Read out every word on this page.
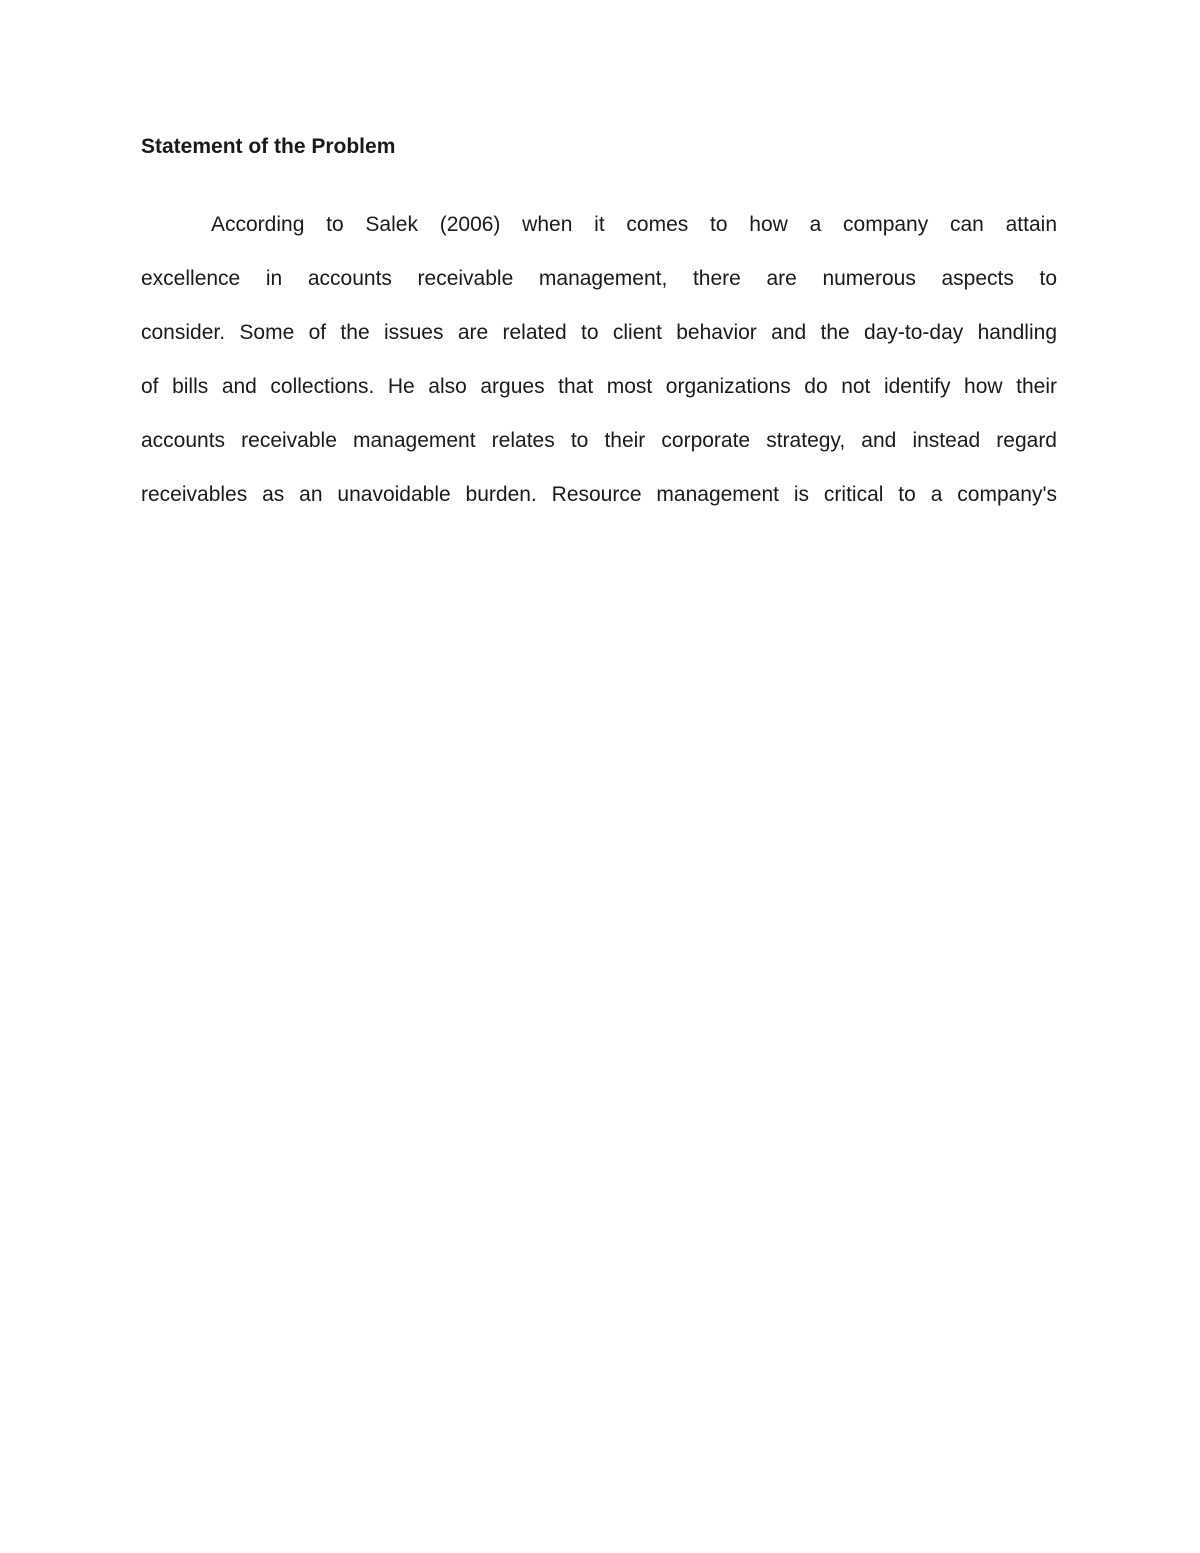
Statement of the Problem
According to Salek (2006) when it comes to how a company can attain
excellence in accounts receivable management, there are numerous aspects to
consider. Some of the issues are related to client behavior and the day-to-day handling
of bills and collections. He also argues that most organizations do not identify how their
accounts receivable management relates to their corporate strategy, and instead regard
receivables as an unavoidable burden. Resource management is critical to a company's
